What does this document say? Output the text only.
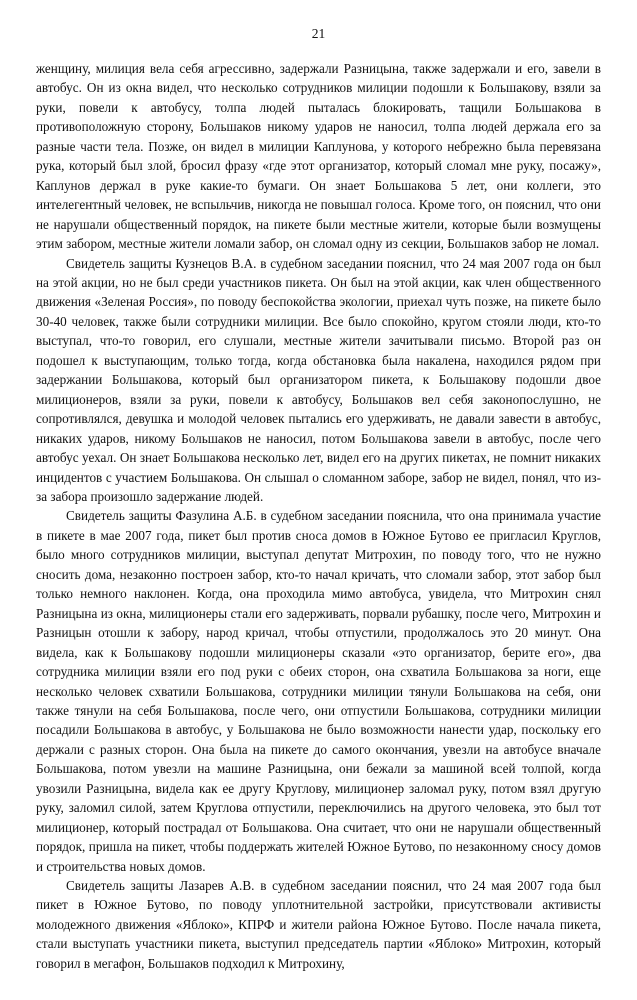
21

женщину, милиция вела себя агрессивно, задержали Разницына, также задержали и его, завели в автобус. Он из окна видел, что несколько сотрудников милиции подошли к Большакову, взяли за руки, повели к автобусу, толпа людей пыталась блокировать, тащили Большакова в противоположную сторону, Большаков никому ударов не наносил, толпа людей держала его за разные части тела. Позже, он видел в милиции Каплунова, у которого небрежно была перевязана рука, который был злой, бросил фразу «где этот организатор, который сломал мне руку, посажу», Каплунов держал в руке какие-то бумаги. Он знает Большакова 5 лет, они коллеги, это интелегентный человек, не вспыльчив, никогда не повышал голоса. Кроме того, он пояснил, что они не нарушали общественный порядок, на пикете были местные жители, которые были возмущены этим забором, местные жители ломали забор, он сломал одну из секции, Большаков забор не ломал.

Свидетель защиты Кузнецов В.А. в судебном заседании пояснил, что 24 мая 2007 года он был на этой акции, но не был среди участников пикета. Он был на этой акции, как член общественного движения «Зеленая Россия», по поводу беспокойства экологии, приехал чуть позже, на пикете было 30-40 человек, также были сотрудники милиции. Все было спокойно, кругом стояли люди, кто-то выступал, что-то говорил, его слушали, местные жители зачитывали письмо. Второй раз он подошел к выступающим, только тогда, когда обстановка была накалена, находился рядом при задержании Большакова, который был организатором пикета, к Большакову подошли двое милиционеров, взяли за руки, повели к автобусу, Большаков вел себя законопослушно, не сопротивлялся, девушка и молодой человек пытались его удерживать, не давали завести в автобус, никаких ударов, никому Большаков не наносил, потом Большакова завели в автобус, после чего автобус уехал. Он знает Большакова несколько лет, видел его на других пикетах, не помнит никаких инцидентов с участием Большакова. Он слышал о сломанном заборе, забор не видел, понял, что из-за забора произошло задержание людей.

Свидетель защиты Фазулина А.Б. в судебном заседании пояснила, что она принимала участие в пикете в мае 2007 года, пикет был против сноса домов в Южное Бутово ее пригласил Круглов, было много сотрудников милиции, выступал депутат Митрохин, по поводу того, что не нужно сносить дома, незаконно построен забор, кто-то начал кричать, что сломали забор, этот забор был только немного наклонен. Когда, она проходила мимо автобуса, увидела, что Митрохин снял Разницына из окна, милиционеры стали его задерживать, порвали рубашку, после чего, Митрохин и Разницын отошли к забору, народ кричал, чтобы отпустили, продолжалось это 20 минут. Она видела, как к Большакову подошли милиционеры сказали «это организатор, берите его», два сотрудника милиции взяли его под руки с обеих сторон, она схватила Большакова за ноги, еще несколько человек схватили Большакова, сотрудники милиции тянули Большакова на себя, они также тянули на себя Большакова, после чего, они отпустили Большакова, сотрудники милиции посадили Большакова в автобус, у Большакова не было возможности нанести удар, поскольку его держали с разных сторон. Она была на пикете до самого окончания, увезли на автобусе вначале Большакова, потом увезли на машине Разницына, они бежали за машиной всей толпой, когда увозили Разницына, видела как ее другу Круглову, милиционер заломал руку, потом взял другую руку, заломил силой, затем Круглова отпустили, переключились на другого человека, это был тот милиционер, который пострадал от Большакова. Она считает, что они не нарушали общественный порядок, пришла на пикет, чтобы поддержать жителей Южное Бутово, по незаконному сносу домов и строительства новых домов.

Свидетель защиты Лазарев А.В. в судебном заседании пояснил, что 24 мая 2007 года был пикет в Южное Бутово, по поводу уплотнительной застройки, присутствовали активисты молодежного движения «Яблоко», КПРФ и жители района Южное Бутово. После начала пикета, стали выступать участники пикета, выступил председатель партии «Яблоко» Митрохин, который говорил в мегафон, Большаков подходил к Митрохину,
